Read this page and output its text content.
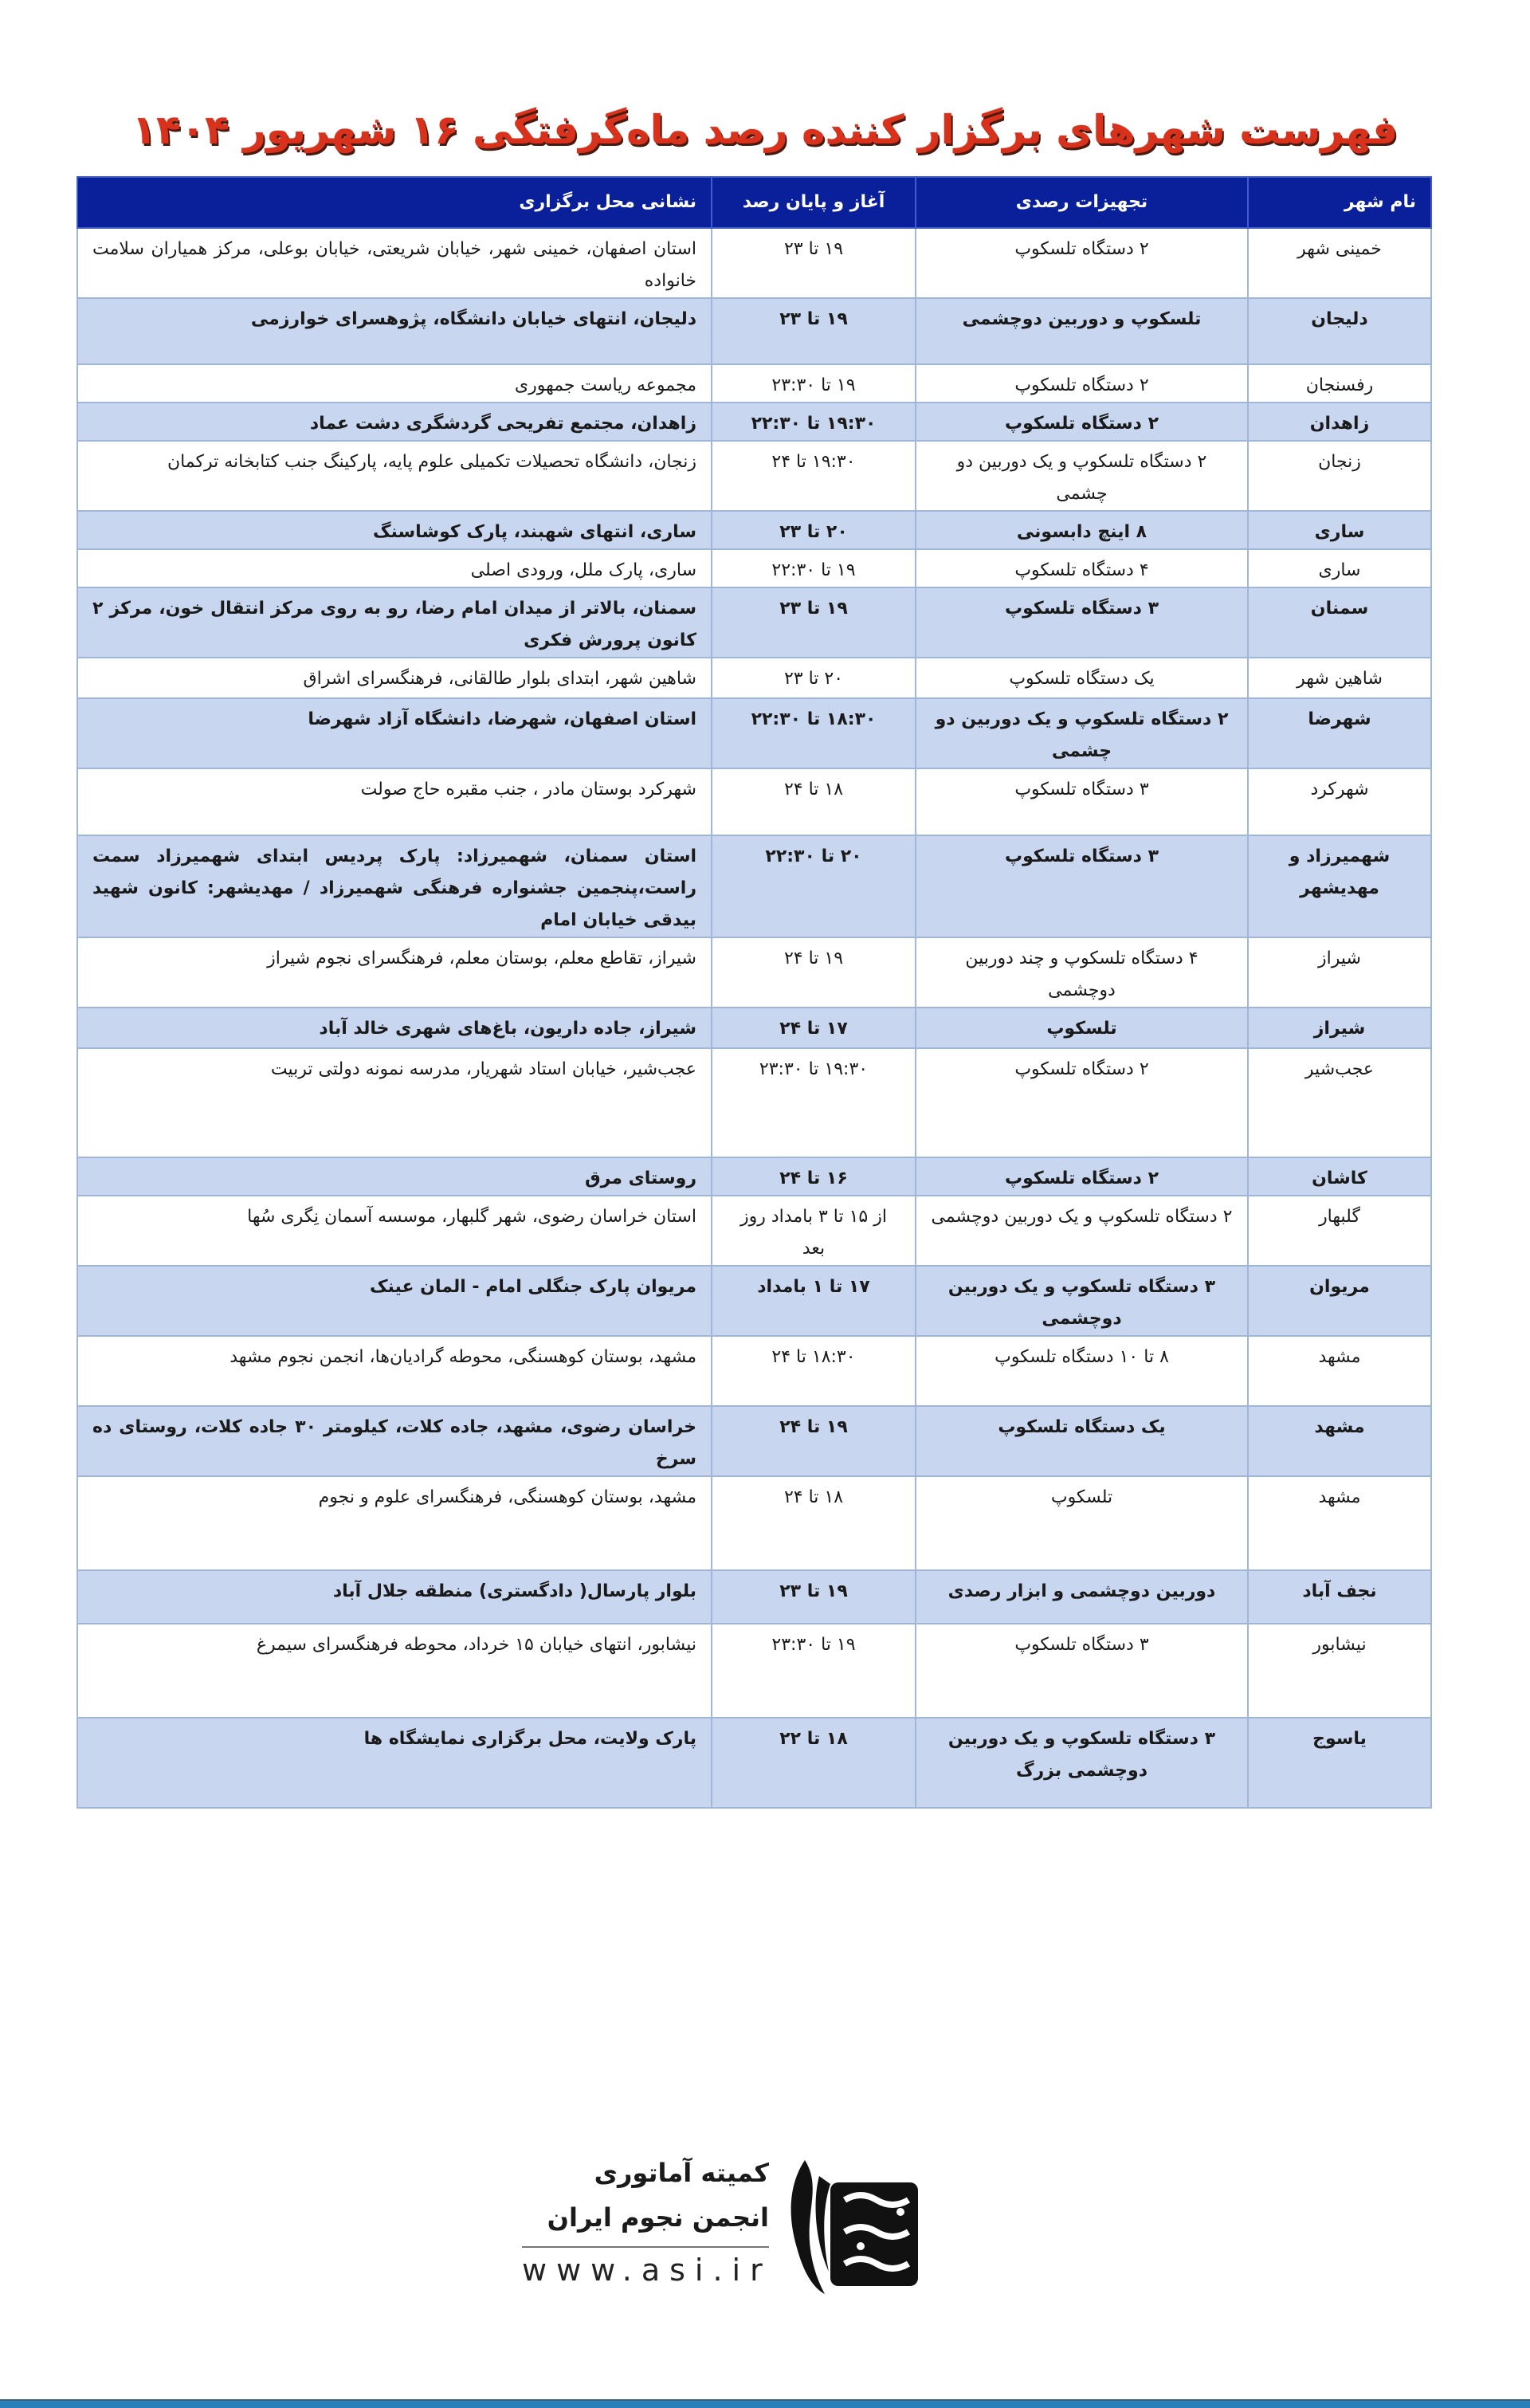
فهرست شهرهای برگزار کننده رصد ماه‌گرفتگی ۱۶ شهریور ۱۴۰۴
نام شهر	تجهیزات رصدی	آغاز و پایان رصد	نشانی محل برگزاری
خمینی شهر	۲ دستگاه تلسکوپ	۱۹ تا ۲۳	استان اصفهان، خمینی شهر، خیابان شریعتی، خیابان بوعلی، مرکز همیاران سلامت خانواده
دلیجان	تلسکوپ و دوربین دوچشمی	۱۹ تا ۲۳	دلیجان، انتهای خیابان دانشگاه، پژوهسرای خوارزمی
رفسنجان	۲ دستگاه تلسکوپ	۱۹ تا ۲۳:۳۰	مجموعه ریاست جمهوری
زاهدان	۲ دستگاه تلسکوپ	۱۹:۳۰ تا ۲۲:۳۰	زاهدان، مجتمع تفریحی گردشگری دشت عماد
زنجان	۲ دستگاه تلسکوپ و یک دوربین دو چشمی	۱۹:۳۰ تا ۲۴	زنجان، دانشگاه تحصیلات تکمیلی علوم پایه، پارکینگ جنب کتابخانه ترکمان
ساری	۸ اینچ دابسونی	۲۰ تا ۲۳	ساری، انتهای شهبند، پارک کوشاسنگ
ساری	۴ دستگاه تلسکوپ	۱۹ تا ۲۲:۳۰	ساری، پارک ملل، ورودی اصلی
سمنان	۳ دستگاه تلسکوپ	۱۹ تا ۲۳	سمنان، بالاتر از میدان امام رضا، رو به روی مرکز انتقال خون، مرکز ۲ کانون پرورش فکری
شاهین شهر	یک دستگاه تلسکوپ	۲۰ تا ۲۳	شاهین شهر، ابتدای بلوار طالقانی، فرهنگسرای اشراق
شهرضا	۲ دستگاه تلسکوپ و یک دوربین دو چشمی	۱۸:۳۰ تا ۲۲:۳۰	استان اصفهان، شهرضا، دانشگاه آزاد شهرضا
شهرکرد	۳ دستگاه تلسکوپ	۱۸ تا ۲۴	شهرکرد بوستان مادر ، جنب مقبره حاج صولت
شهمیرزاد و مهدیشهر	۳ دستگاه تلسکوپ	۲۰ تا ۲۲:۳۰	استان سمنان، شهمیرزاد: پارک پردیس ابتدای شهمیرزاد سمت راست،پنجمین جشنواره فرهنگی شهمیرزاد / مهدیشهر: کانون شهید بیدقی خیابان امام
شیراز	۴ دستگاه تلسکوپ و چند دوربین دوچشمی	۱۹ تا ۲۴	شیراز، تقاطع معلم، بوستان معلم، فرهنگسرای نجوم شیراز
شیراز	تلسکوپ	۱۷ تا ۲۴	شیراز، جاده داریون، باغ‌های شهری خالد آباد
عجب‌شیر	۲ دستگاه تلسکوپ	۱۹:۳۰ تا ۲۳:۳۰	عجب‌شیر، خیابان استاد شهریار، مدرسه نمونه دولتی تربیت
کاشان	۲ دستگاه تلسکوپ	۱۶ تا ۲۴	روستای مرق
گلبهار	۲ دستگاه تلسکوپ و یک دوربین دوچشمی	از ۱۵ تا ۳ بامداد روز بعد	استان خراسان رضوی، شهر گلبهار، موسسه آسمان نِگری سُها
مریوان	۳ دستگاه تلسکوپ و یک دوربین دوچشمی	۱۷ تا ۱ بامداد	مریوان پارک جنگلی امام - المان عینک
مشهد	۸ تا ۱۰ دستگاه تلسکوپ	۱۸:۳۰ تا ۲۴	مشهد، بوستان کوهسنگی، محوطه گرادیان‌ها، انجمن نجوم مشهد
مشهد	یک دستگاه تلسکوپ	۱۹ تا ۲۴	خراسان رضوی، مشهد، جاده کلات، کیلومتر ۳۰ جاده کلات، روستای ده سرخ
مشهد	تلسکوپ	۱۸ تا ۲۴	مشهد، بوستان کوهسنگی، فرهنگسرای علوم و نجوم
نجف آباد	دوربین دوچشمی و ابزار رصدی	۱۹ تا ۲۳	بلوار پارسال( دادگستری) منطقه جلال آباد
نیشابور	۳ دستگاه تلسکوپ	۱۹ تا ۲۳:۳۰	نیشابور، انتهای خیابان ۱۵ خرداد، محوطه فرهنگسرای سیمرغ
یاسوج	۳ دستگاه تلسکوپ و یک دوربین دوچشمی بزرگ	۱۸ تا ۲۲	پارک ولایت، محل برگزاری نمایشگاه ها
کمیته آماتوری
انجمن نجوم ایران
www.asi.ir
